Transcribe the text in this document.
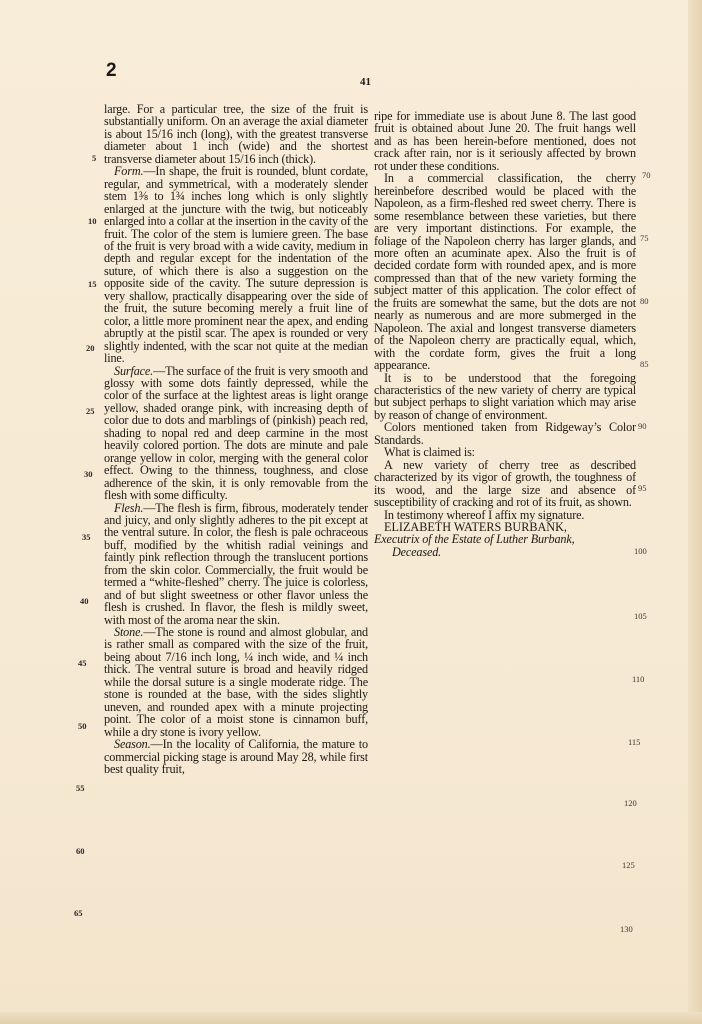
2
41

large. For a particular tree, the size of the fruit is substantially uniform. On an average the axial diameter is about 15/16 inch (long), with the greatest transverse diameter about 1 inch (wide) and the shortest transverse diameter about 15/16 inch (thick).

Form.—In shape, the fruit is rounded, blunt cordate, regular, and symmetrical, with a moderately slender stem 1⅜ to 1¾ inches long which is only slightly enlarged at the juncture with the twig, but noticeably enlarged into a collar at the insertion in the cavity of the fruit. The color of the stem is lumiere green. The base of the fruit is very broad with a wide cavity, medium in depth and regular except for the indentation of the suture, of which there is also a suggestion on the opposite side of the cavity. The suture depression is very shallow, practically disappearing over the side of the fruit, the suture becoming merely a fruit line of color, a little more prominent near the apex, and ending abruptly at the pistil scar. The apex is rounded or very slightly indented, with the scar not quite at the median line.

Surface.—The surface of the fruit is very smooth and glossy with some dots faintly depressed, while the color of the surface at the lightest areas is light orange yellow, shaded orange pink, with increasing depth of color due to dots and marblings of (pinkish) peach red, shading to nopal red and deep carmine in the most heavily colored portion. The dots are minute and pale orange yellow in color, merging with the general color effect. Owing to the thinness, toughness, and close adherence of the skin, it is only removable from the flesh with some difficulty.

Flesh.—The flesh is firm, fibrous, moderately tender and juicy, and only slightly adheres to the pit except at the ventral suture. In color, the flesh is pale ochraceous buff, modified by the whitish radial veinings and faintly pink reflection through the translucent portions from the skin color. Commercially, the fruit would be termed a “white-fleshed” cherry. The juice is colorless, and of but slight sweetness or other flavor unless the flesh is crushed. In flavor, the flesh is mildly sweet, with most of the aroma near the skin.

Stone.—The stone is round and almost globular, and is rather small as compared with the size of the fruit, being about 7/16 inch long, ¼ inch wide, and ¼ inch thick. The ventral suture is broad and heavily ridged while the dorsal suture is a single moderate ridge. The stone is rounded at the base, with the sides slightly uneven, and rounded apex with a minute projecting point. The color of a moist stone is cinnamon buff, while a dry stone is ivory yellow.

Season.—In the locality of California, the mature to commercial picking stage is around May 28, while first best quality fruit,

ripe for immediate use is about June 8. The last good fruit is obtained about June 20. The fruit hangs well and as has been herein-before mentioned, does not crack after rain, nor is it seriously affected by brown rot under these conditions.

In a commercial classification, the cherry hereinbefore described would be placed with the Napoleon, as a firm-fleshed red sweet cherry. There is some resemblance between these varieties, but there are very important distinctions. For example, the foliage of the Napoleon cherry has larger glands, and more often an acuminate apex. Also the fruit is of decided cordate form with rounded apex, and is more compressed than that of the new variety forming the subject matter of this application. The color effect of the fruits are somewhat the same, but the dots are not nearly as numerous and are more submerged in the Napoleon. The axial and longest transverse diameters of the Napoleon cherry are practically equal, which, with the cordate form, gives the fruit a long appearance.

It is to be understood that the foregoing characteristics of the new variety of cherry are typical but subject perhaps to slight variation which may arise by reason of change of environment.

Colors mentioned taken from Ridgeway’s Color Standards.

What is claimed is:

A new variety of cherry tree as described characterized by its vigor of growth, the toughness of its wood, and the large size and absence of susceptibility of cracking and rot of its fruit, as shown.

In testimony whereof I affix my signature.

ELIZABETH WATERS BURBANK,

Executrix of the Estate of Luther Burbank,

Deceased.

5
10
15
20
25
30
35
40
45
50
55
60
65
70
75
80
85
90
95
100
105
110
115
120
125
130
